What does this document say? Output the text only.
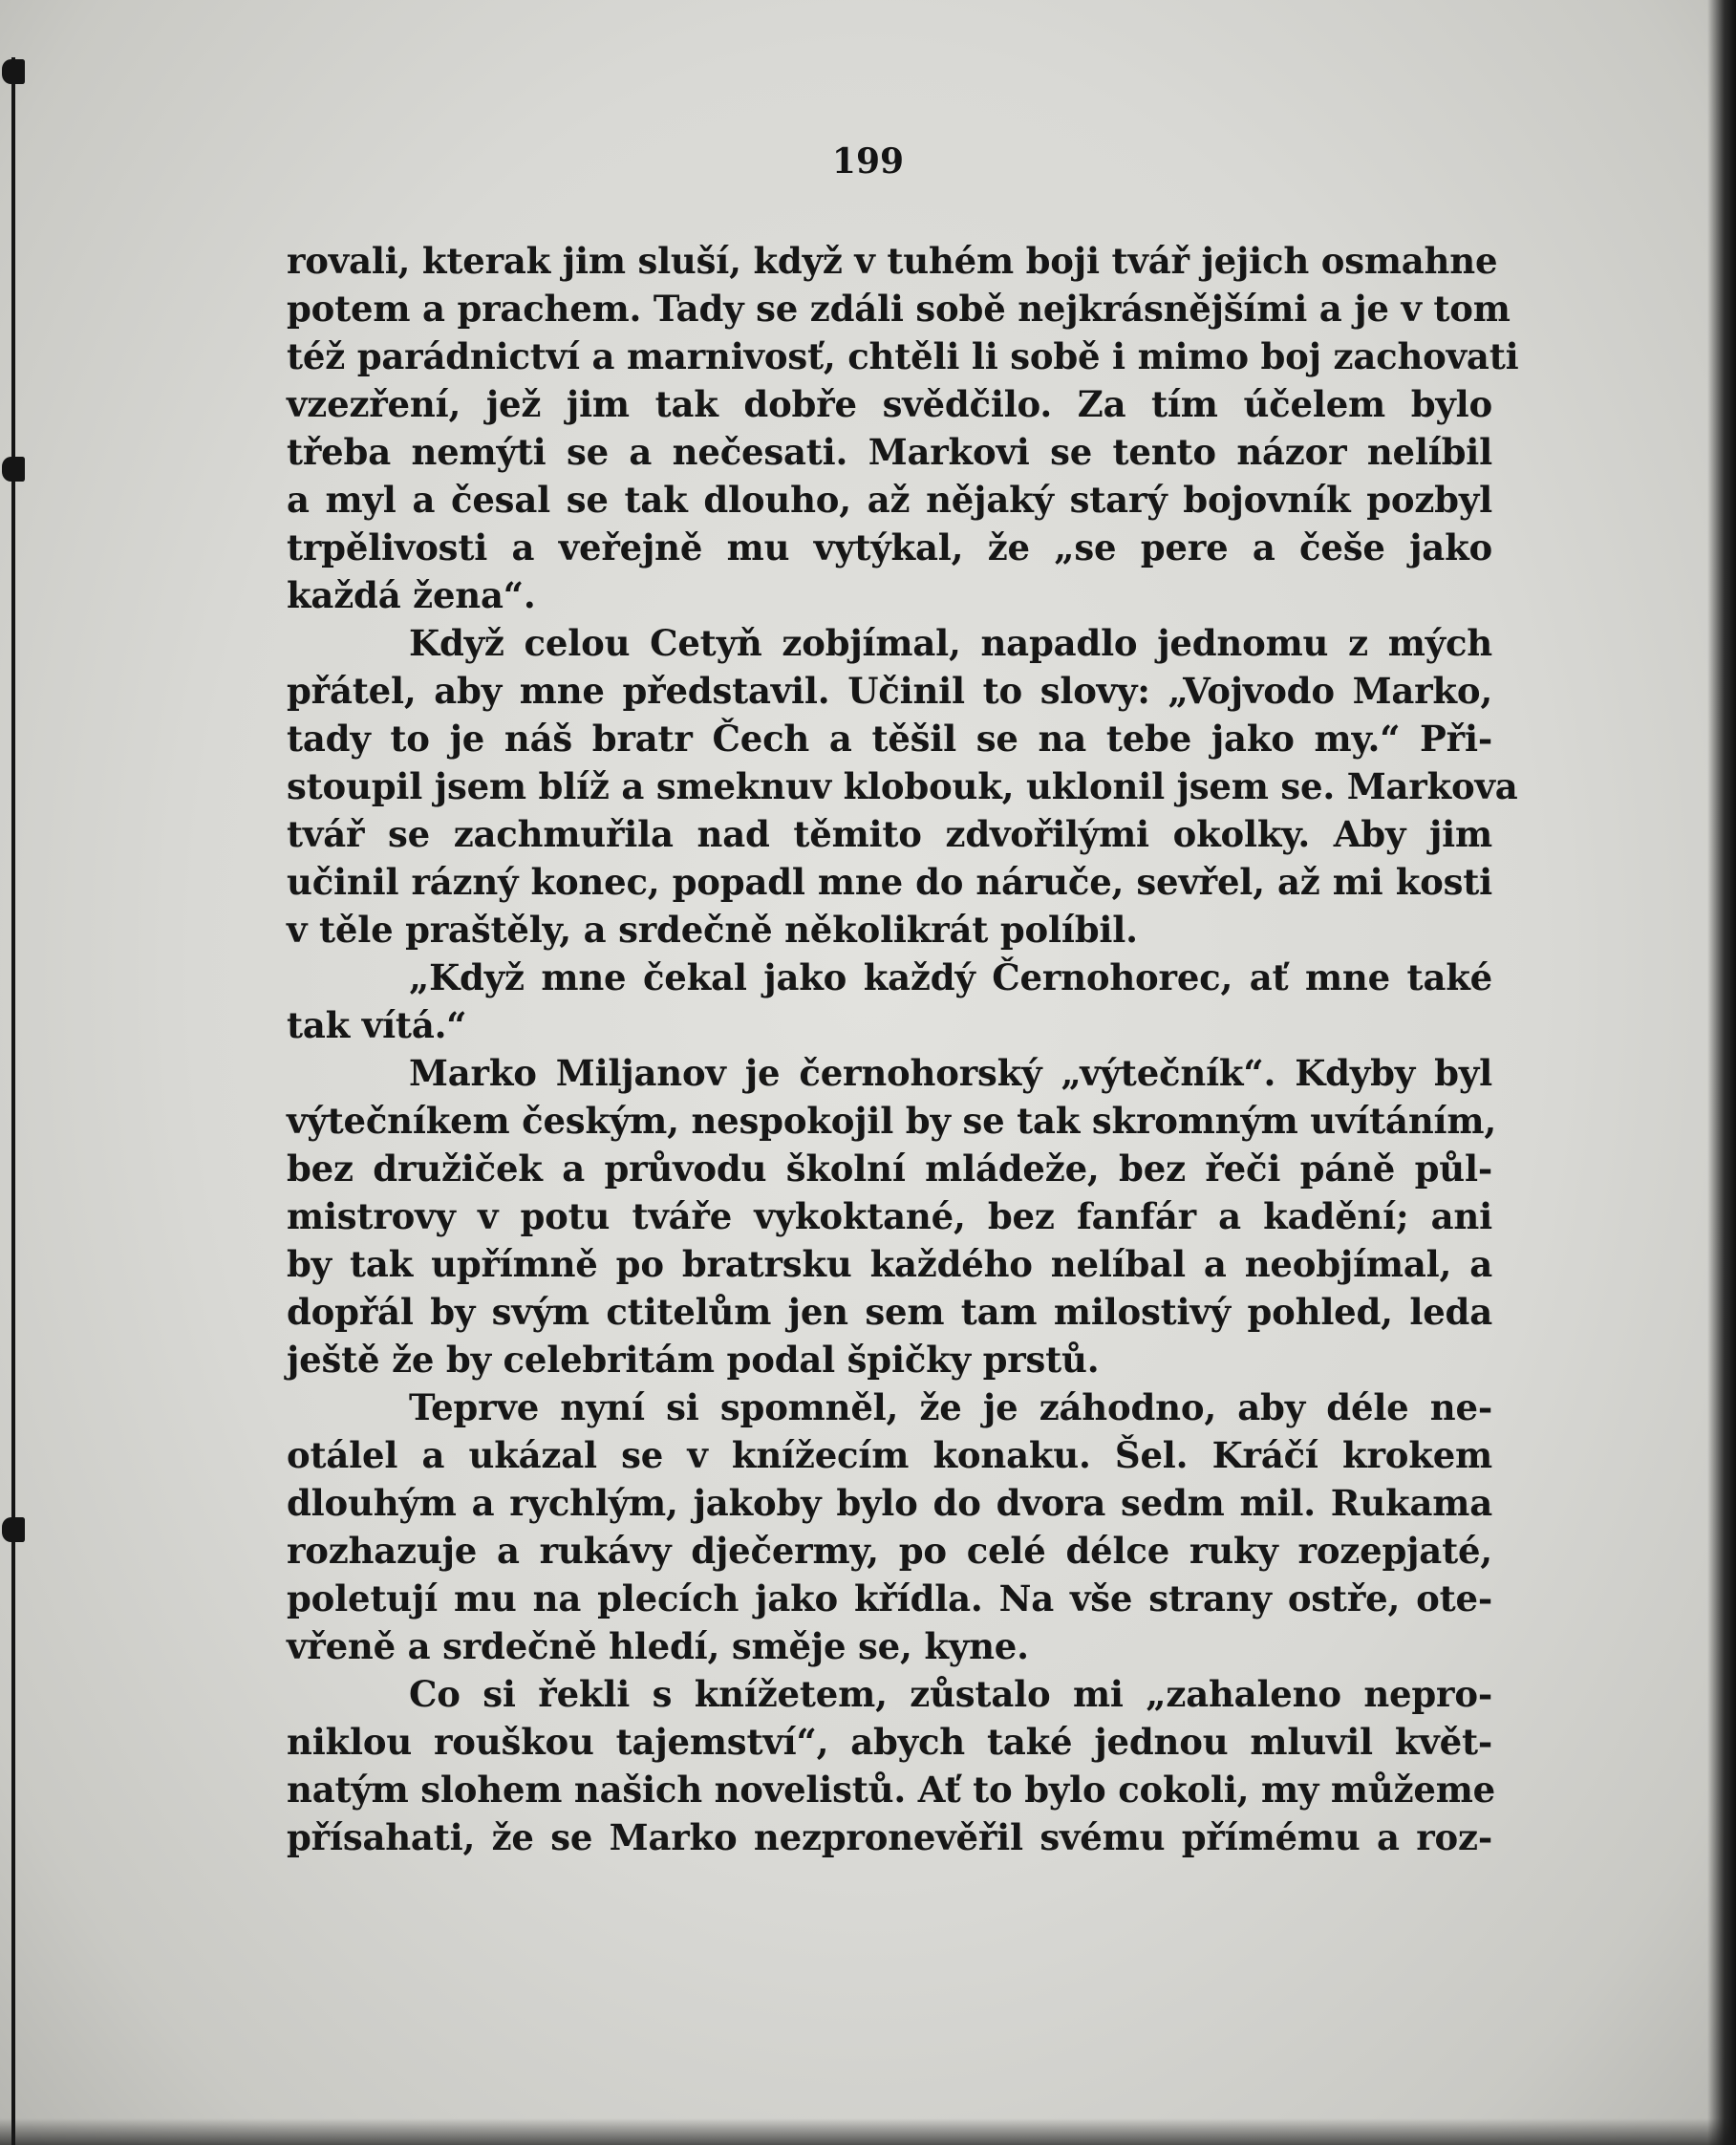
199

rovali, kterak jim sluší, když v tuhém boji tvář jejich osmahne
potem a prachem. Tady se zdáli sobě nejkrásnějšími a je v tom
též parádnictví a marnivosť, chtěli li sobě i mimo boj zachovati
vzezření, jež jim tak dobře svědčilo. Za tím účelem bylo
třeba nemýti se a nečesati. Markovi se tento názor nelíbil
a myl a česal se tak dlouho, až nějaký starý bojovník pozbyl
trpělivosti a veřejně mu vytýkal, že „se pere a češe jako
každá žena“.
Když celou Cetyň zobjímal, napadlo jednomu z mých
přátel, aby mne představil. Učinil to slovy: „Vojvodo Marko,
tady to je náš bratr Čech a těšil se na tebe jako my.“ Při-
stoupil jsem blíž a smeknuv klobouk, uklonil jsem se. Markova
tvář se zachmuřila nad těmito zdvořilými okolky. Aby jim
učinil rázný konec, popadl mne do náruče, sevřel, až mi kosti
v těle praštěly, a srdečně několikrát políbil.
„Když mne čekal jako každý Černohorec, ať mne také
tak vítá.“
Marko Miljanov je černohorský „výtečník“. Kdyby byl
výtečníkem českým, nespokojil by se tak skromným uvítáním,
bez družiček a průvodu školní mládeže, bez řeči páně půl-
mistrovy v potu tváře vykoktané, bez fanfár a kadění; ani
by tak upřímně po bratrsku každého nelíbal a neobjímal, a
dopřál by svým ctitelům jen sem tam milostivý pohled, leda
ještě že by celebritám podal špičky prstů.
Teprve nyní si spomněl, že je záhodno, aby déle ne-
otálel a ukázal se v knížecím konaku. Šel. Kráčí krokem
dlouhým a rychlým, jakoby bylo do dvora sedm mil. Rukama
rozhazuje a rukávy dječermy, po celé délce ruky rozepjaté,
poletují mu na plecích jako křídla. Na vše strany ostře, ote-
vřeně a srdečně hledí, směje se, kyne.
Co si řekli s knížetem, zůstalo mi „zahaleno nepro-
niklou rouškou tajemství“, abych také jednou mluvil květ-
natým slohem našich novelistů. Ať to bylo cokoli, my můžeme
přísahati, že se Marko nezpronevěřil svému přímému a roz-
